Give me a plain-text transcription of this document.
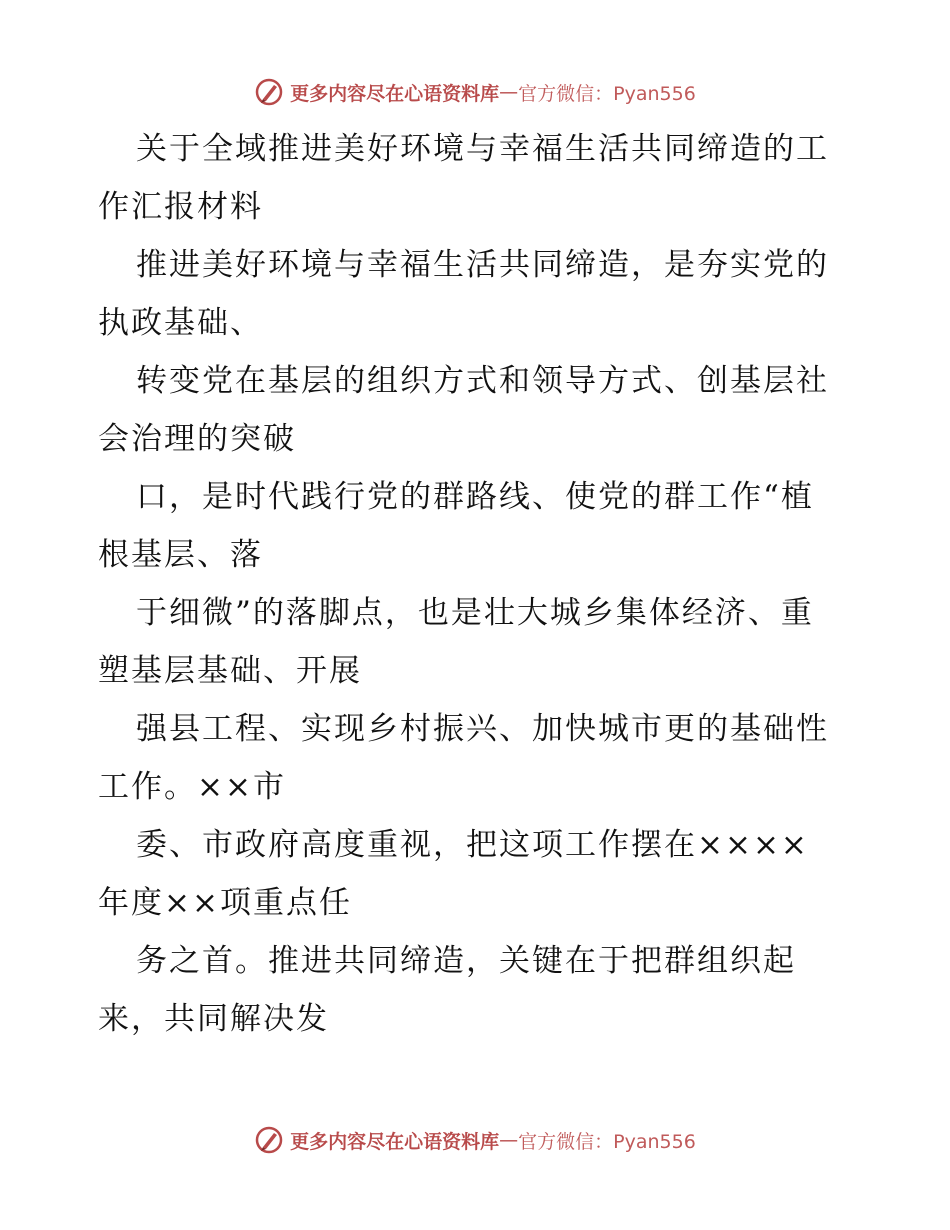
更多内容尽在心语资料库 — 官方微信：Pyan556
关于全域推进美好环境与幸福生活共同缔造的工
作汇报材料
推进美好环境与幸福生活共同缔造，是夯实党的
执政基础、
转变党在基层的组织方式和领导方式、创基层社
会治理的突破
口，是时代践行党的群路线、使党的群工作“植
根基层、落
于细微”的落脚点，也是壮大城乡集体经济、重
塑基层基础、开展
强县工程、实现乡村振兴、加快城市更的基础性
工作。××市
委、市政府高度重视，把这项工作摆在××××
年度××项重点任
务之首。推进共同缔造，关键在于把群组织起
来，共同解决发
更多内容尽在心语资料库 — 官方微信：Pyan556
